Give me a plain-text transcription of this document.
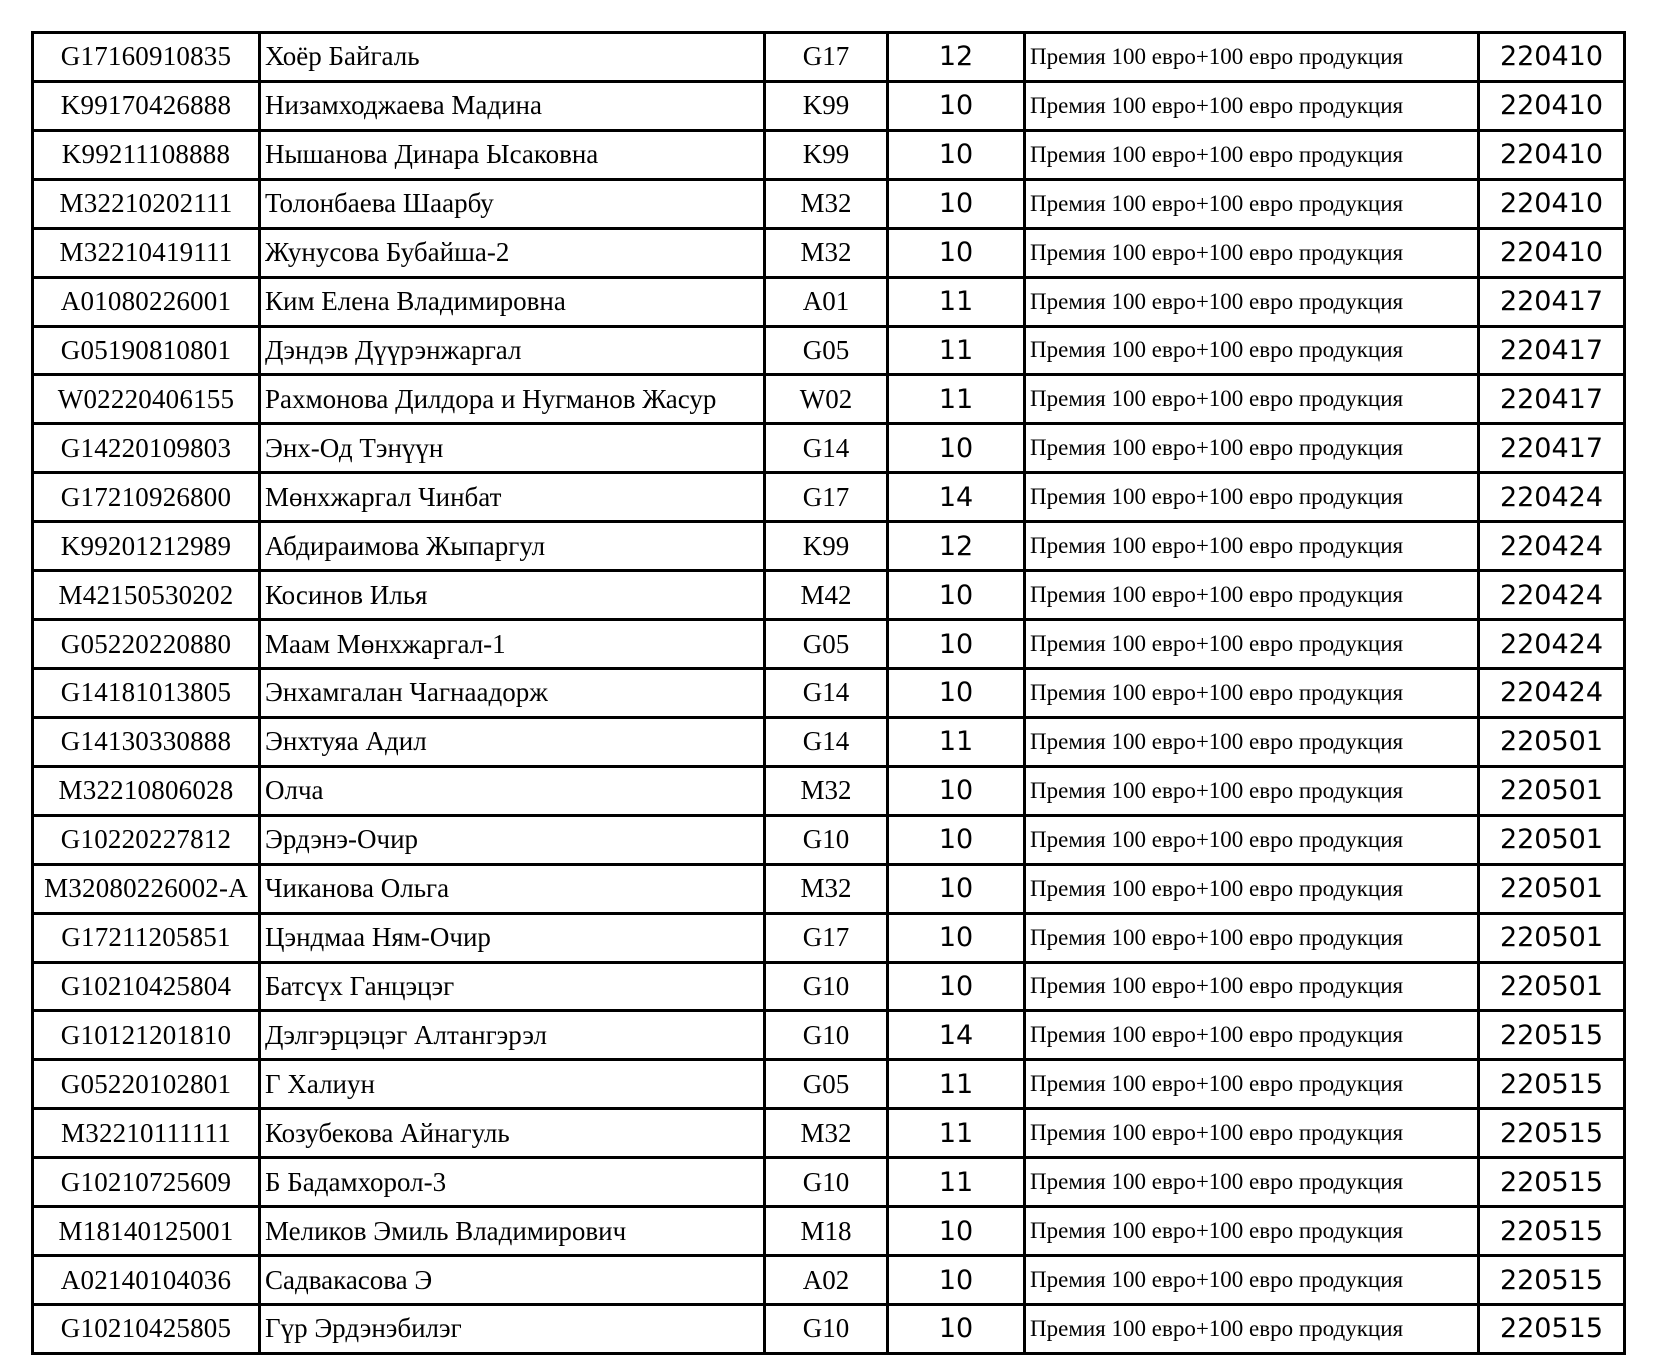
G17160910835	Хоёр Байгаль	G17	12	Премия 100 евро+100 евро продукция	220410
K99170426888	Низамходжаева Мадина	K99	10	Премия 100 евро+100 евро продукция	220410
K99211108888	Нышанова Динара Ысаковна	K99	10	Премия 100 евро+100 евро продукция	220410
M32210202111	Толонбаева Шаарбу	M32	10	Премия 100 евро+100 евро продукция	220410
M32210419111	Жунусова Бубайша-2	M32	10	Премия 100 евро+100 евро продукция	220410
A01080226001	Ким Елена Владимировна	A01	11	Премия 100 евро+100 евро продукция	220417
G05190810801	Дэндэв Дүүрэнжаргал	G05	11	Премия 100 евро+100 евро продукция	220417
W02220406155	Рахмонова Дилдора и Нугманов Жасур	W02	11	Премия 100 евро+100 евро продукция	220417
G14220109803	Энх-Од Тэнүүн	G14	10	Премия 100 евро+100 евро продукция	220417
G17210926800	Мөнхжаргал Чинбат	G17	14	Премия 100 евро+100 евро продукция	220424
K99201212989	Абдираимова Жыпаргул	K99	12	Премия 100 евро+100 евро продукция	220424
M42150530202	Косинов Илья	M42	10	Премия 100 евро+100 евро продукция	220424
G05220220880	Маам Мөнхжаргал-1	G05	10	Премия 100 евро+100 евро продукция	220424
G14181013805	Энхамгалан Чагнаадорж	G14	10	Премия 100 евро+100 евро продукция	220424
G14130330888	Энхтуяа Адил	G14	11	Премия 100 евро+100 евро продукция	220501
M32210806028	Олча	M32	10	Премия 100 евро+100 евро продукция	220501
G10220227812	Эрдэнэ-Очир	G10	10	Премия 100 евро+100 евро продукция	220501
M32080226002-A	Чиканова Ольга	M32	10	Премия 100 евро+100 евро продукция	220501
G17211205851	Цэндмаа Ням-Очир	G17	10	Премия 100 евро+100 евро продукция	220501
G10210425804	Батсүх Ганцэцэг	G10	10	Премия 100 евро+100 евро продукция	220501
G10121201810	Дэлгэрцэцэг Алтангэрэл	G10	14	Премия 100 евро+100 евро продукция	220515
G05220102801	Г Халиун	G05	11	Премия 100 евро+100 евро продукция	220515
M32210111111	Козубекова Айнагуль	M32	11	Премия 100 евро+100 евро продукция	220515
G10210725609	Б Бадамхорол-3	G10	11	Премия 100 евро+100 евро продукция	220515
M18140125001	Меликов Эмиль Владимирович	M18	10	Премия 100 евро+100 евро продукция	220515
A02140104036	Садвакасова Э	A02	10	Премия 100 евро+100 евро продукция	220515
G10210425805	Гүр Эрдэнэбилэг	G10	10	Премия 100 евро+100 евро продукция	220515
